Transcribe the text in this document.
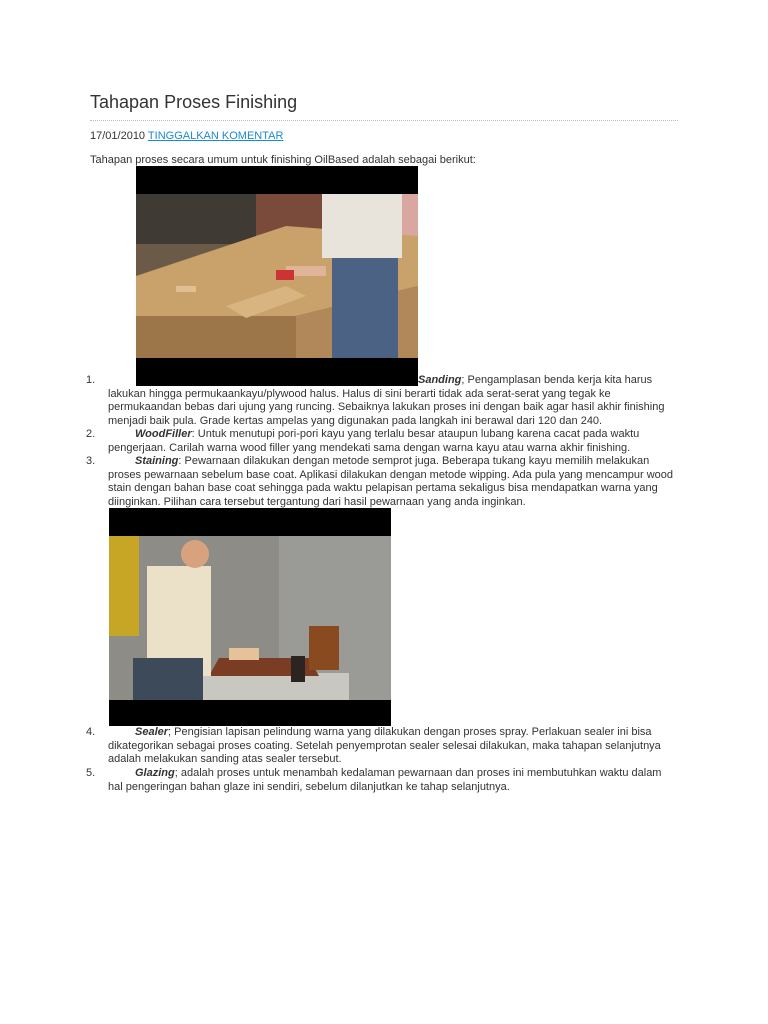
Tahapan Proses Finishing
17/01/2010 TINGGALKAN KOMENTAR

Tahapan proses secara umum untuk finishing OilBased adalah sebagai berikut:

1.	Sanding; Pengamplasan benda kerja kita harus lakukan hingga permukaankayu/plywood halus. Halus di sini berarti tidak ada serat-serat yang tegak ke permukaandan bebas dari ujung yang runcing. Sebaiknya lakukan proses ini dengan baik agar hasil akhir finishing menjadi baik pula. Grade kertas ampelas yang digunakan pada langkah ini berawal dari 120 dan 240.
2.	WoodFiller: Untuk menutupi pori-pori kayu yang terlalu besar ataupun lubang karena cacat pada waktu pengerjaan. Carilah warna wood filler yang mendekati sama dengan warna kayu atau warna akhir finishing.
3.	Staining: Pewarnaan dilakukan dengan metode semprot juga. Beberapa tukang kayu memilih melakukan proses pewarnaan sebelum base coat. Aplikasi dilakukan dengan metode wipping. Ada pula yang mencampur wood stain dengan bahan base coat sehingga pada waktu pelapisan pertama sekaligus bisa mendapatkan warna yang diinginkan. Pilihan cara tersebut tergantung dari hasil pewarnaan yang anda inginkan.
4.	Sealer; Pengisian lapisan pelindung warna yang dilakukan dengan proses spray. Perlakuan sealer ini bisa dikategorikan sebagai proses coating. Setelah penyemprotan sealer selesai dilakukan, maka tahapan selanjutnya adalah melakukan sanding atas sealer tersebut.
5.	Glazing; adalah proses untuk menambah kedalaman pewarnaan dan proses ini membutuhkan waktu dalam hal pengeringan bahan glaze ini sendiri, sebelum dilanjutkan ke tahap selanjutnya.
